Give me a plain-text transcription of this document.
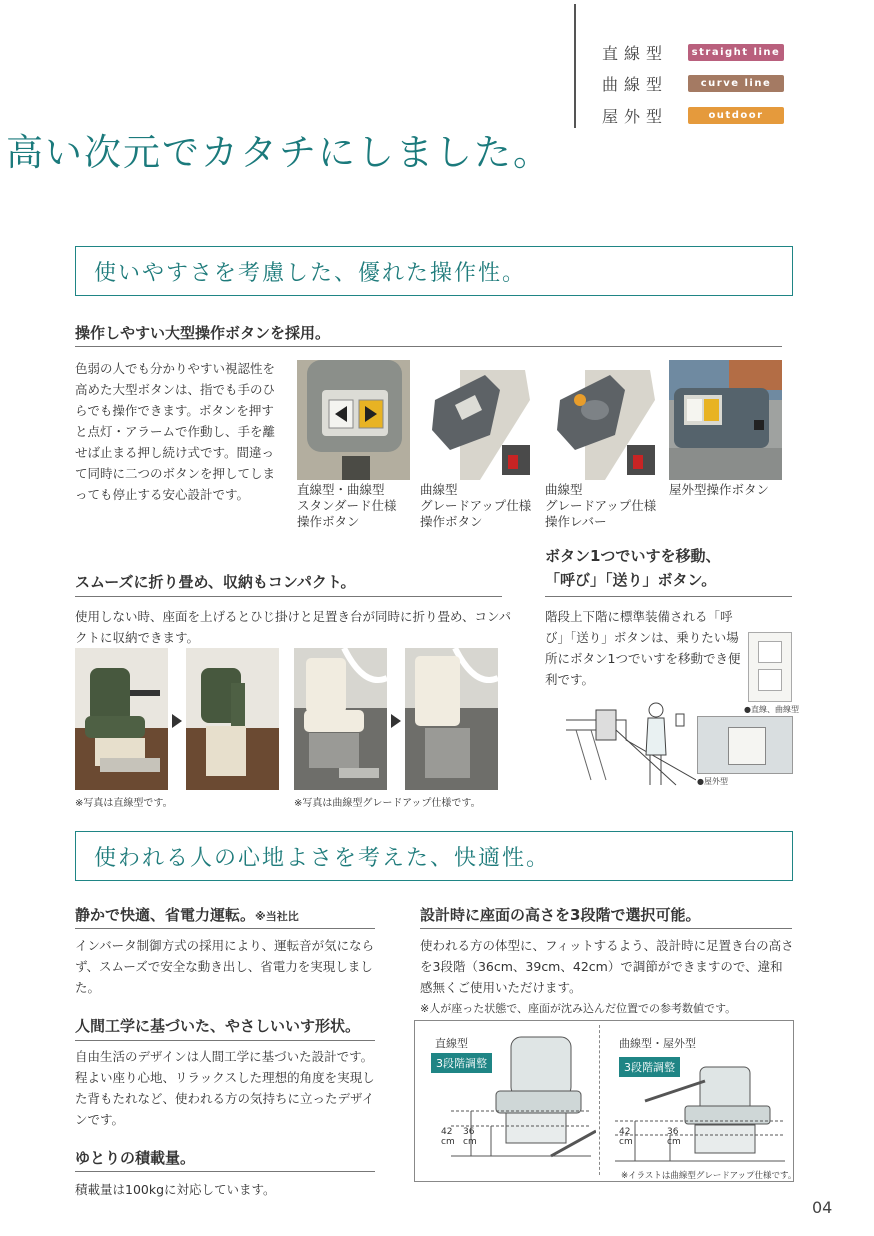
直線型	straight line
曲線型	curve line
屋外型	outdoor
高い次元でカタチにしました。
使いやすさを考慮した、優れた操作性。
操作しやすい大型操作ボタンを採用。
色弱の人でも分かりやすい視認性を高めた大型ボタンは、指でも手のひらでも操作できます。ボタンを押すと点灯・アラームで作動し、手を離せば止まる押し続け式です。間違って同時に二つのボタンを押してしまっても停止する安心設計です。	直線型・曲線型
スタンダード仕様
操作ボタン
曲線型
グレードアップ仕様
操作ボタン
曲線型
グレードアップ仕様
操作レバー
屋外型操作ボタン
スムーズに折り畳め、収納もコンパクト。
使用しない時、座面を上げるとひじ掛けと足置き台が同時に折り畳め、コンパクトに収納できます。
※写真は直線型です。	※写真は曲線型グレードアップ仕様です。
ボタン1つでいすを移動、
「呼び」「送り」ボタン。
階段上下階に標準装備される「呼び」「送り」ボタンは、乗りたい場所にボタン1つでいすを移動でき便利です。
●直線、曲線型
●屋外型
使われる人の心地よさを考えた、快適性。
静かで快適、省電力運転。※当社比
インバータ制御方式の採用により、運転音が気にならず、スムーズで安全な動き出し、省電力を実現しました。
人間工学に基づいた、やさしいいす形状。
自由生活のデザインは人間工学に基づいた設計です。程よい座り心地、リラックスした理想的角度を実現した背もたれなど、使われる方の気持ちに立ったデザインです。
ゆとりの積載量。
積載量は100kgに対応しています。
設計時に座面の高さを3段階で選択可能。
使われる方の体型に、フィットするよう、設計時に足置き台の高さを3段階（36cm、39cm、42cm）で調節ができますので、違和感無くご使用いただけます。
※人が座った状態で、座面が沈み込んだ位置での参考数値です。
直線型
3段階調整
曲線型・屋外型
3段階調整
42
cm
36
cm
42
cm
36
cm
※イラストは曲線型グレードアップ仕様です。
04
